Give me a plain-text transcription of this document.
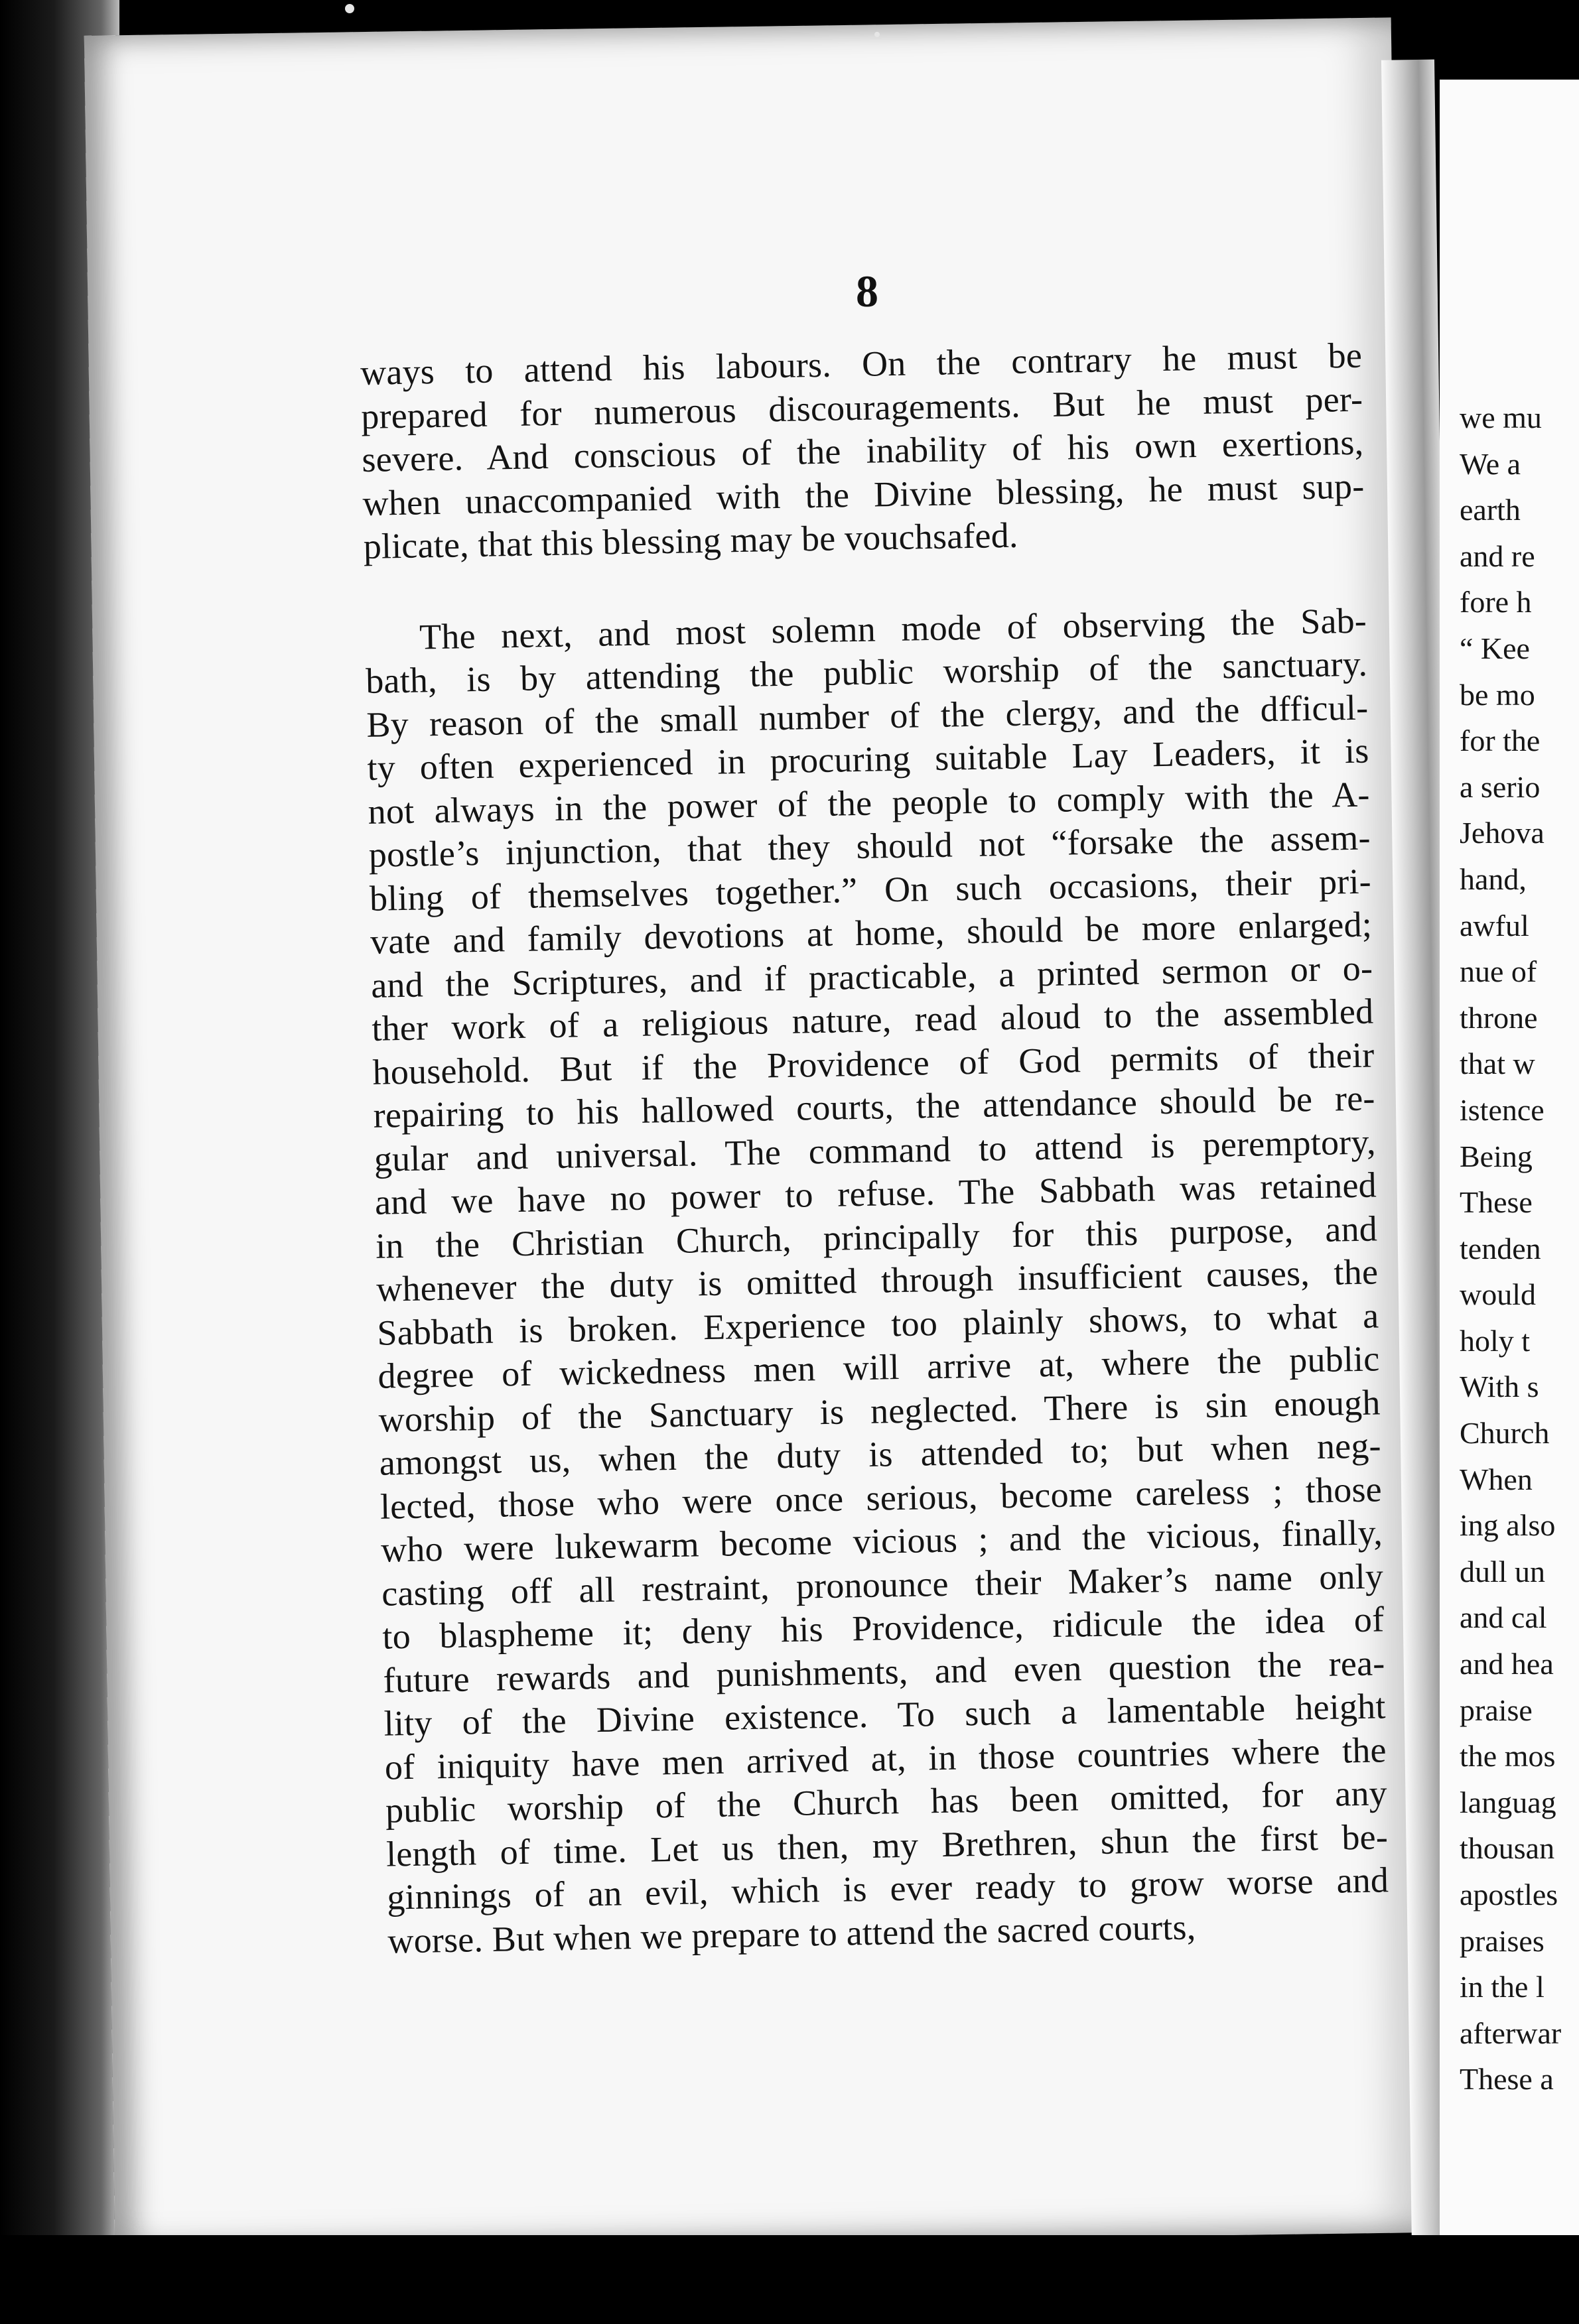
8
ways to attend his labours. On the contrary he must be
prepared for numerous discouragements. But he must per-
severe. And conscious of the inability of his own exertions,
when unaccompanied with the Divine blessing, he must sup-
plicate, that this blessing may be vouchsafed.
The next, and most solemn mode of observing the Sab-
bath, is by attending the public worship of the sanctuary.
By reason of the small number of the clergy, and the dfficul-
ty often experienced in procuring suitable Lay Leaders, it is
not always in the power of the people to comply with the A-
postle’s injunction, that they should not “forsake the assem-
bling of themselves together.” On such occasions, their pri-
vate and family devotions at home, should be more enlarged;
and the Scriptures, and if practicable, a printed sermon or o-
ther work of a religious nature, read aloud to the assembled
household. But if the Providence of God permits of their
repairing to his hallowed courts, the attendance should be re-
gular and universal. The command to attend is peremptory,
and we have no power to refuse. The Sabbath was retained
in the Christian Church, principally for this purpose, and
whenever the duty is omitted through insufficient causes, the
Sabbath is broken. Experience too plainly shows, to what a
degree of wickedness men will arrive at, where the public
worship of the Sanctuary is neglected. There is sin enough
amongst us, when the duty is attended to; but when neg-
lected, those who were once serious, become careless ; those
who were lukewarm become vicious ; and the vicious, finally,
casting off all restraint, pronounce their Maker’s name only
to blaspheme it; deny his Providence, ridicule the idea of
future rewards and punishments, and even question the rea-
lity of the Divine existence. To such a lamentable height
of iniquity have men arrived at, in those countries where the
public worship of the Church has been omitted, for any
length of time. Let us then, my Brethren, shun the first be-
ginnings of an evil, which is ever ready to grow worse and
worse. But when we prepare to attend the sacred courts,
we mu
We a
earth
and re
fore h
“ Kee
be mo
for the
a serio
Jehova
hand,
awful
nue of
throne
that w
istence
Being
These
tenden
would
holy t
With s
Church
When
ing also
dull un
and cal
and hea
praise
the mos
languag
thousan
apostles
praises
in the l
afterwar
These a
